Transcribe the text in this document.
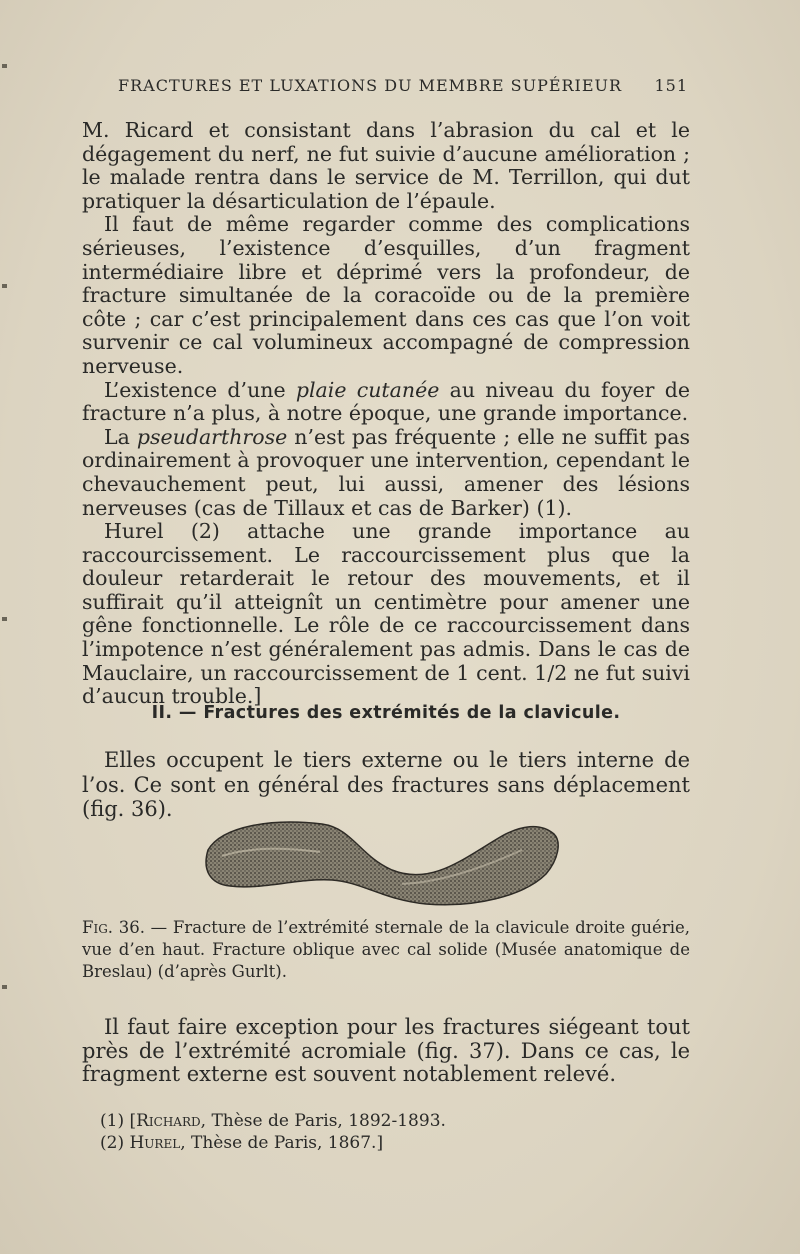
FRACTURES ET LUXATIONS DU MEMBRE SUPÉRIEUR 151

M. Ricard et consistant dans l’abrasion du cal et le dégagement du nerf, ne fut suivie d’aucune amélioration ; le malade rentra dans le service de M. Terrillon, qui dut pratiquer la désarticulation de l’épaule.

Il faut de même regarder comme des complications sérieuses, l’existence d’esquilles, d’un fragment intermédiaire libre et déprimé vers la profondeur, de fracture simultanée de la coracoïde ou de la première côte ; car c’est principalement dans ces cas que l’on voit survenir ce cal volumineux accompagné de compression nerveuse.

L’existence d’une plaie cutanée au niveau du foyer de fracture n’a plus, à notre époque, une grande importance.

La pseudarthrose n’est pas fréquente ; elle ne suffit pas ordinairement à provoquer une intervention, cependant le chevauchement peut, lui aussi, amener des lésions nerveuses (cas de Tillaux et cas de Barker) (1).

Hurel (2) attache une grande importance au raccourcissement. Le raccourcissement plus que la douleur retarderait le retour des mouvements, et il suffirait qu’il atteignît un centimètre pour amener une gêne fonctionnelle. Le rôle de ce raccourcissement dans l’impotence n’est généralement pas admis. Dans le cas de Mauclaire, un raccourcissement de 1 cent. 1/2 ne fut suivi d’aucun trouble.]

II. — Fractures des extrémités de la clavicule.

Elles occupent le tiers externe ou le tiers interne de l’os. Ce sont en général des fractures sans déplacement (fig. 36).

Fig. 36. — Fracture de l’extrémité sternale de la clavicule droite guérie, vue d’en haut. Fracture oblique avec cal solide (Musée anatomique de Breslau) (d’après Gurlt).

Il faut faire exception pour les fractures siégeant tout près de l’extrémité acromiale (fig. 37). Dans ce cas, le fragment externe est souvent notablement relevé.

(1) [Richard, Thèse de Paris, 1892-1893.
(2) Hurel, Thèse de Paris, 1867.]
